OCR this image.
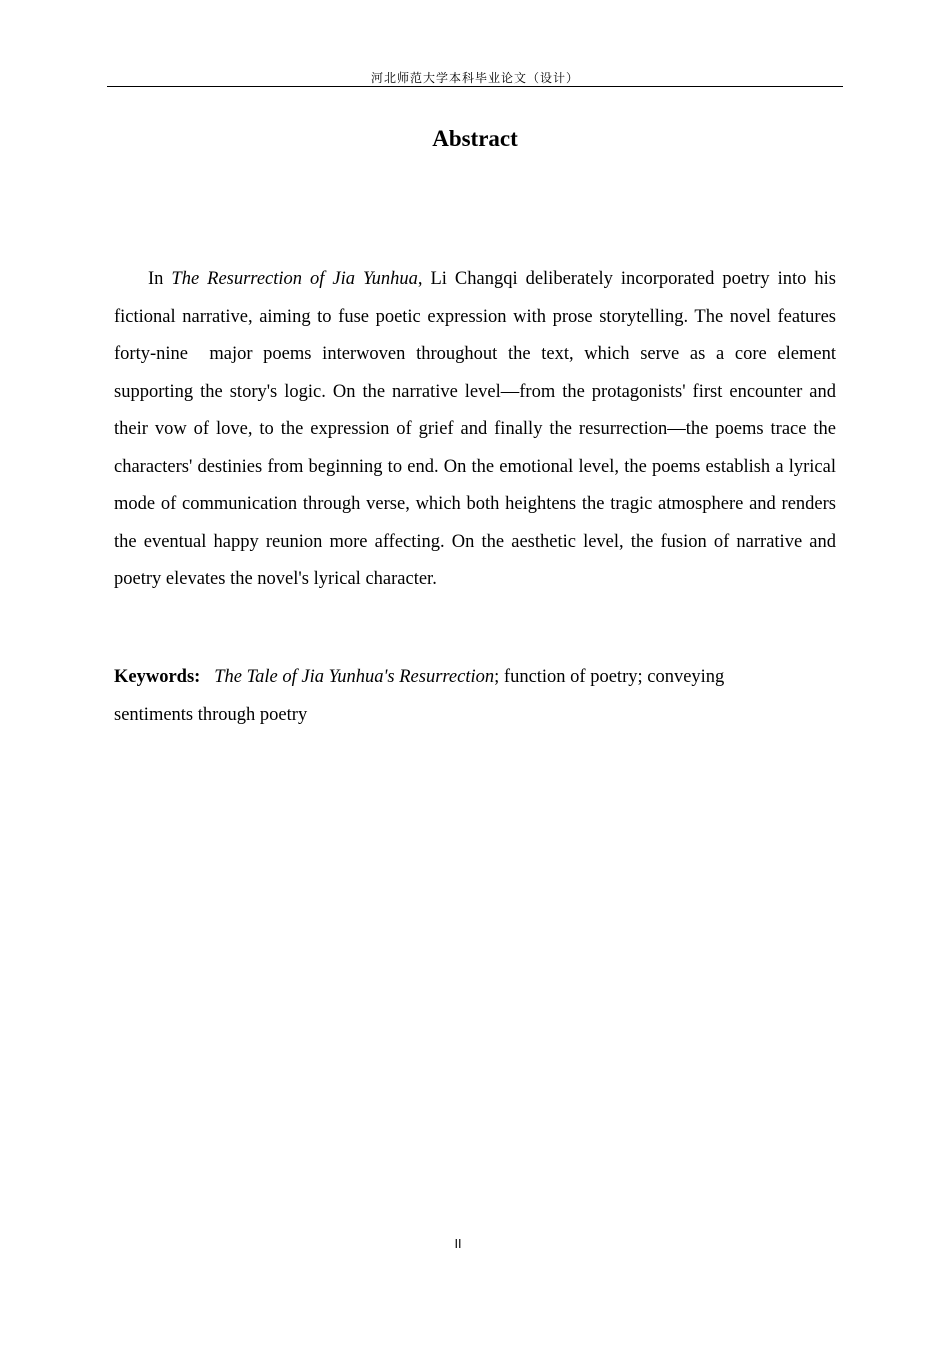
河北师范大学本科毕业论文（设计）
Abstract

In The Resurrection of Jia Yunhua, Li Changqi deliberately incorporated poetry into his fictional narrative, aiming to fuse poetic expression with prose storytelling. The novel features forty-nine  major poems interwoven throughout the text, which serve as a core element supporting the story's logic. On the narrative level—from the protagonists' first encounter and their vow of love, to the expression of grief and finally the resurrection—the poems trace the characters' destinies from beginning to end. On the emotional level, the poems establish a lyrical mode of communication through verse, which both heightens the tragic atmosphere and renders the eventual happy reunion more affecting. On the aesthetic level, the fusion of narrative and poetry elevates the novel's lyrical character.

Keywords: The Tale of Jia Yunhua's Resurrection; function of poetry; conveying
sentiments through poetry

II
